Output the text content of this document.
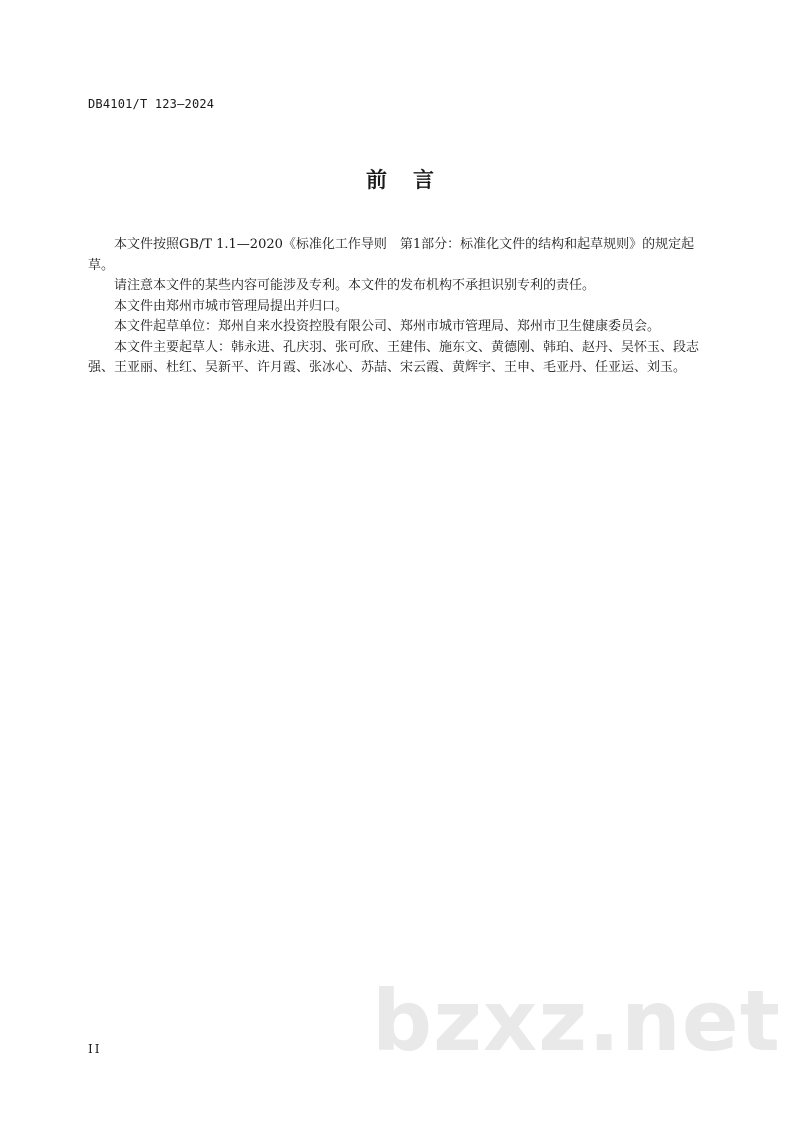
DB4101/T 123—2024
前言

本文件按照GB/T 1.1—2020《标准化工作导则　第1部分：标准化文件的结构和起草规则》的规定起草。

请注意本文件的某些内容可能涉及专利。本文件的发布机构不承担识别专利的责任。

本文件由郑州市城市管理局提出并归口。

本文件起草单位：郑州自来水投资控股有限公司、郑州市城市管理局、郑州市卫生健康委员会。

本文件主要起草人：韩永进、孔庆羽、张可欣、王建伟、施东文、黄德刚、韩珀、赵丹、吴怀玉、段志强、王亚丽、杜红、吴新平、许月霞、张冰心、苏喆、宋云霞、黄辉宇、王申、毛亚丹、任亚运、刘玉。

II	bzxz.net
